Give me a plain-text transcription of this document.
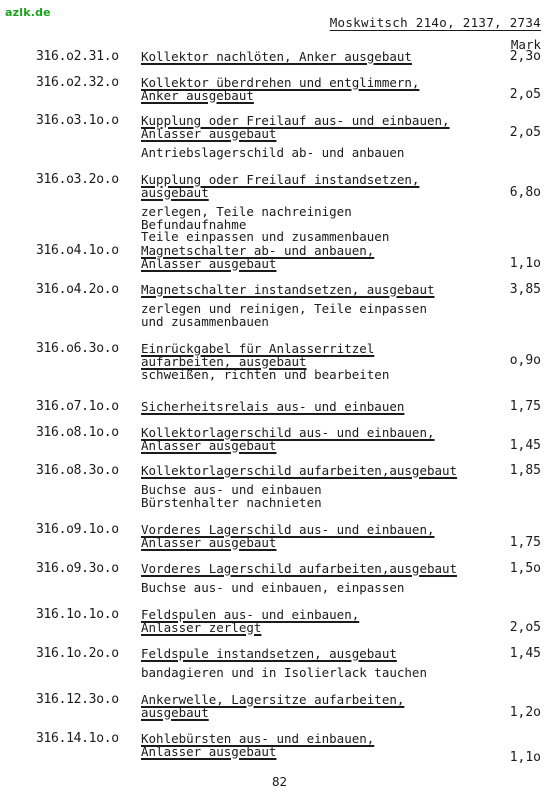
azlk.de
Moskwitsch 214o, 2137, 2734
Mark
316.o2.31.o Kollektor nachlöten, Anker ausgebaut	2,3o
316.o2.32.o Kollektor überdrehen und entglimmern,
Anker ausgebaut	2,o5
316.o3.1o.o Kupplung oder Freilauf aus- und einbauen,
Anlasser ausgebaut
Antriebslagerschild ab- und anbauen
2,o5
316.o3.2o.o Kupplung oder Freilauf instandsetzen,
ausgebaut
zerlegen, Teile nachreinigen
Befundaufnahme
Teile einpassen und zusammenbauen
6,8o
316.o4.1o.o Magnetschalter ab- und anbauen,
Anlasser ausgebaut	1,1o
316.o4.2o.o Magnetschalter instandsetzen, ausgebaut
zerlegen und reinigen, Teile einpassen
und zusammenbauen
3,85
316.o6.3o.o Einrückgabel für Anlasserritzel
aufarbeiten, ausgebaut
schweißen, richten und bearbeiten
o,9o
316.o7.1o.o Sicherheitsrelais aus- und einbauen	1,75
316.o8.1o.o Kollektorlagerschild aus- und einbauen,
Anlasser ausgebaut	1,45
316.o8.3o.o Kollektorlagerschild aufarbeiten,ausgebaut
Buchse aus- und einbauen
Bürstenhalter nachnieten
1,85
316.o9.1o.o Vorderes Lagerschild aus- und einbauen,
Anlasser ausgebaut	1,75
316.o9.3o.o Vorderes Lagerschild aufarbeiten,ausgebaut
Buchse aus- und einbauen, einpassen
1,5o
316.1o.1o.o Feldspulen aus- und einbauen,
Anlasser zerlegt	2,o5
316.1o.2o.o Feldspule instandsetzen, ausgebaut
bandagieren und in Isolierlack tauchen
1,45
316.12.3o.o Ankerwelle, Lagersitze aufarbeiten,
ausgebaut	1,2o
316.14.1o.o Kohlebürsten aus- und einbauen,
Anlasser ausgebaut	1,1o
82
